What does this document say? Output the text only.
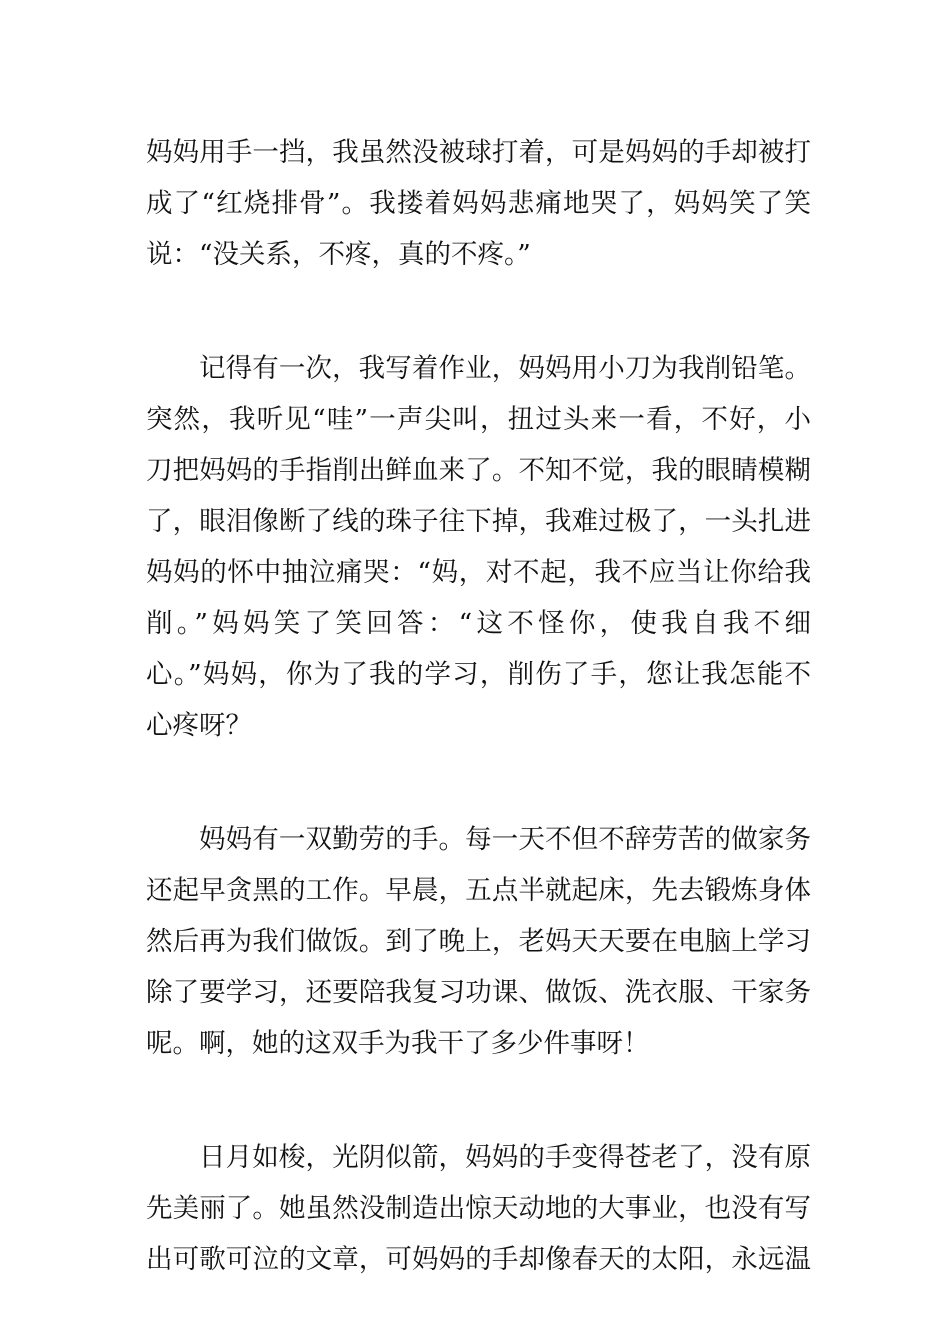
妈妈用手一挡，我虽然没被球打着，可是妈妈的手却被打
成了“红烧排骨”。我搂着妈妈悲痛地哭了，妈妈笑了笑
说：“没关系，不疼，真的不疼。”
记得有一次，我写着作业，妈妈用小刀为我削铅笔。
突然，我听见“哇”一声尖叫，扭过头来一看，不好，小
刀把妈妈的手指削出鲜血来了。不知不觉，我的眼睛模糊
了，眼泪像断了线的珠子往下掉，我难过极了，一头扎进
妈妈的怀中抽泣痛哭：“妈，对不起，我不应当让你给我
削。”妈妈笑了笑回答：“这不怪你，使我自我不细
心。”妈妈，你为了我的学习，削伤了手，您让我怎能不
心疼呀？
妈妈有一双勤劳的手。每一天不但不辞劳苦的做家务
还起早贪黑的工作。早晨，五点半就起床，先去锻炼身体
然后再为我们做饭。到了晚上，老妈天天要在电脑上学习
除了要学习，还要陪我复习功课、做饭、洗衣服、干家务
呢。啊，她的这双手为我干了多少件事呀！
日月如梭，光阴似箭，妈妈的手变得苍老了，没有原
先美丽了。她虽然没制造出惊天动地的大事业，也没有写
出可歌可泣的文章，可妈妈的手却像春天的太阳，永远温
